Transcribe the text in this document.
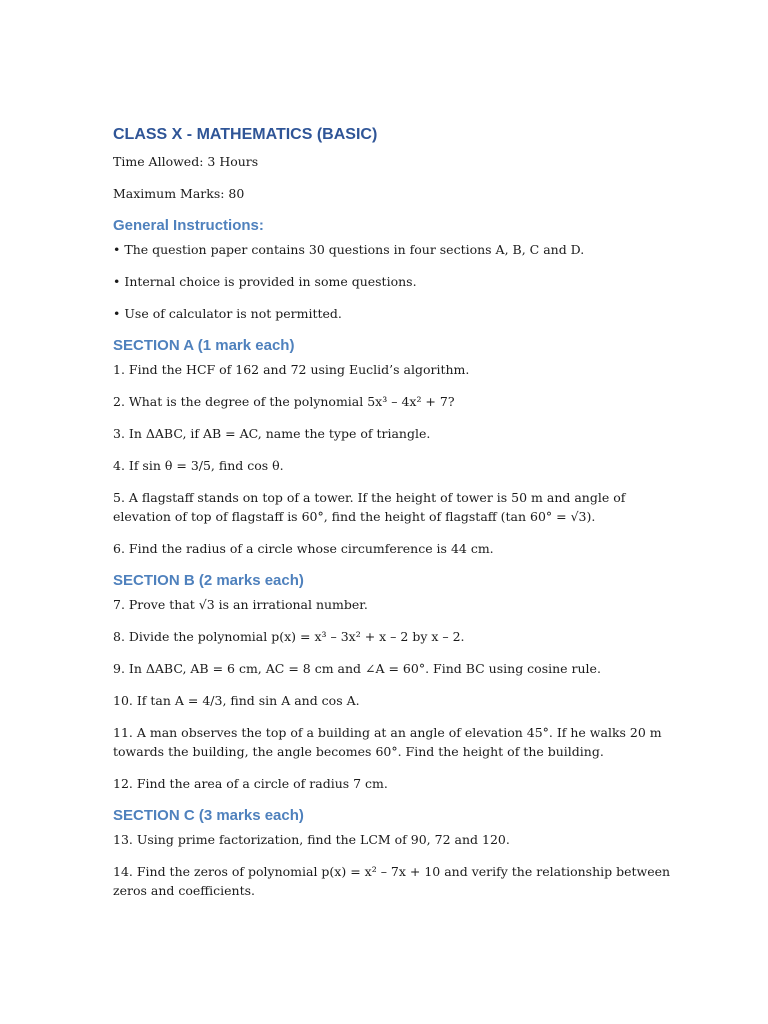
CLASS X - MATHEMATICS (BASIC)

Time Allowed: 3 Hours

Maximum Marks: 80

General Instructions:

• The question paper contains 30 questions in four sections A, B, C and D.

• Internal choice is provided in some questions.

• Use of calculator is not permitted.

SECTION A (1 mark each)

1. Find the HCF of 162 and 72 using Euclid’s algorithm.

2. What is the degree of the polynomial 5x³ – 4x² + 7?

3. In ΔABC, if AB = AC, name the type of triangle.

4. If sin θ = 3/5, find cos θ.

5. A flagstaff stands on top of a tower. If the height of tower is 50 m and angle of elevation of top of flagstaff is 60°, find the height of flagstaff (tan 60° = √3).

6. Find the radius of a circle whose circumference is 44 cm.

SECTION B (2 marks each)

7. Prove that √3 is an irrational number.

8. Divide the polynomial p(x) = x³ – 3x² + x – 2 by x – 2.

9. In ΔABC, AB = 6 cm, AC = 8 cm and ∠A = 60°. Find BC using cosine rule.

10. If tan A = 4/3, find sin A and cos A.

11. A man observes the top of a building at an angle of elevation 45°. If he walks 20 m towards the building, the angle becomes 60°. Find the height of the building.

12. Find the area of a circle of radius 7 cm.

SECTION C (3 marks each)

13. Using prime factorization, find the LCM of 90, 72 and 120.

14. Find the zeros of polynomial p(x) = x² – 7x + 10 and verify the relationship between zeros and coefficients.
